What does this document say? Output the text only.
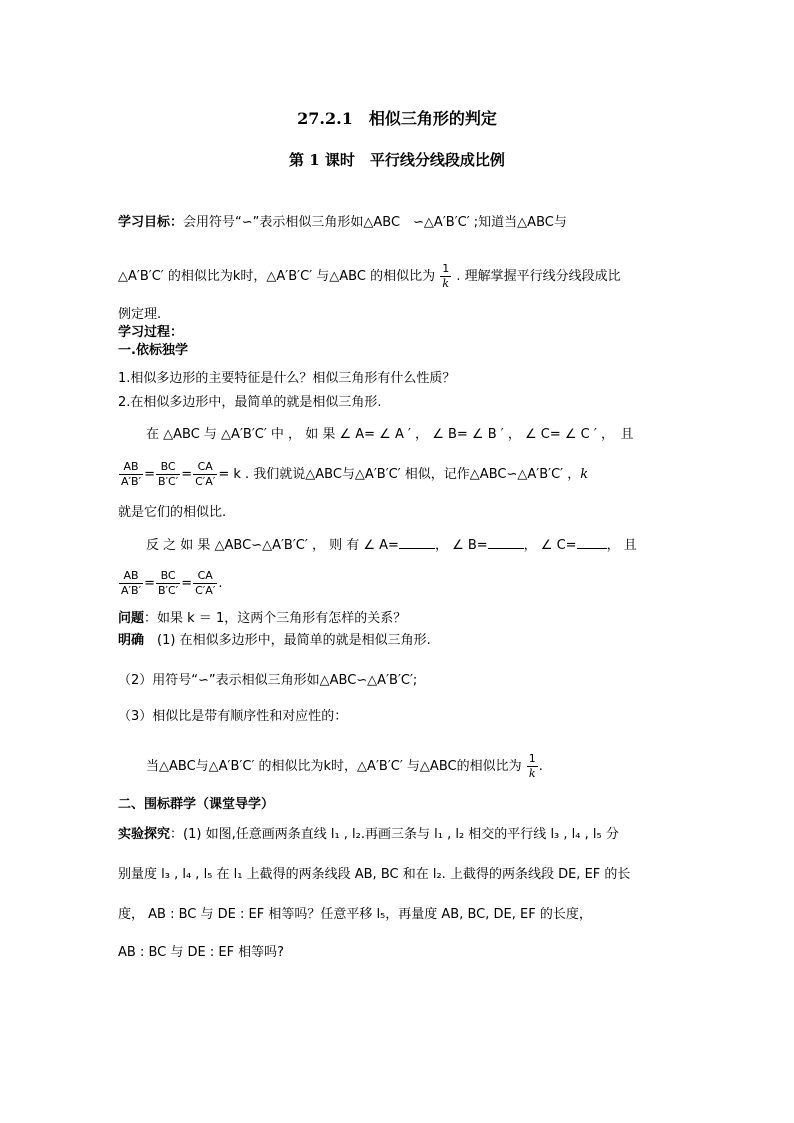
27.2.1　相似三角形的判定
第 1 课时　平行线分线段成比例
学习目标：会用符号“∽”表示相似三角形如△ABC　∽△A′B′C′ ;知道当△ABC与
△A′B′C′ 的相似比为k时，△A′B′C′ 与△ABC 的相似比为 $\frac{1}{k}$ . 理解掌握平行线分线段成比
例定理.
学习过程：
一.依标独学
1.相似多边形的主要特征是什么？相似三角形有什么性质？
2.在相似多边形中，最简单的就是相似三角形.
在 △ABC 与 △A′B′C′ 中 ， 如 果 ∠ A= ∠ A ′ ， ∠ B= ∠ B ′ ， ∠ C= ∠ C ′ ，　且
$\frac{AB}{A'B'} = \frac{BC}{B'C'} = \frac{CA}{C'A'} = k$ . 我们就说△ABC与△A′B′C′ 相似，记作△ABC∽△A′B′C′ ，k
就是它们的相似比.
反 之 如 果 △ABC∽△A′B′C′ ， 则 有 ∠ A=	， ∠ B=	， ∠ C= ， 且
$\frac{AB}{A'B'} = \frac{BC}{B'C'} = \frac{CA}{C'A'}$ .
问题：如果 k ＝ 1，这两个三角形有怎样的关系？
明确　(1) 在相似多边形中，最简单的就是相似三角形.
（2）用符号“∽”表示相似三角形如△ABC∽△A′B′C′;
（3）相似比是带有顺序性和对应性的：
当△ABC与△A′B′C′ 的相似比为k时，△A′B′C′ 与△ABC的相似比为 $\frac{1}{k}$ .
二、围标群学（课堂导学）
实验探究：(1) 如图,任意画两条直线 l₁ , l₂.再画三条与 l₁ , l₂ 相交的平行线 l₃ , l₄ , l₅ 分
别量度 l₃ , l₄ , l₅ 在 l₁ 上截得的两条线段 AB, BC 和在 l₂. 上截得的两条线段 DE, EF 的长
度， AB : BC 与 DE : EF 相等吗？任意平移 l₅，再量度 AB, BC, DE, EF 的长度，
AB : BC 与 DE : EF 相等吗?
